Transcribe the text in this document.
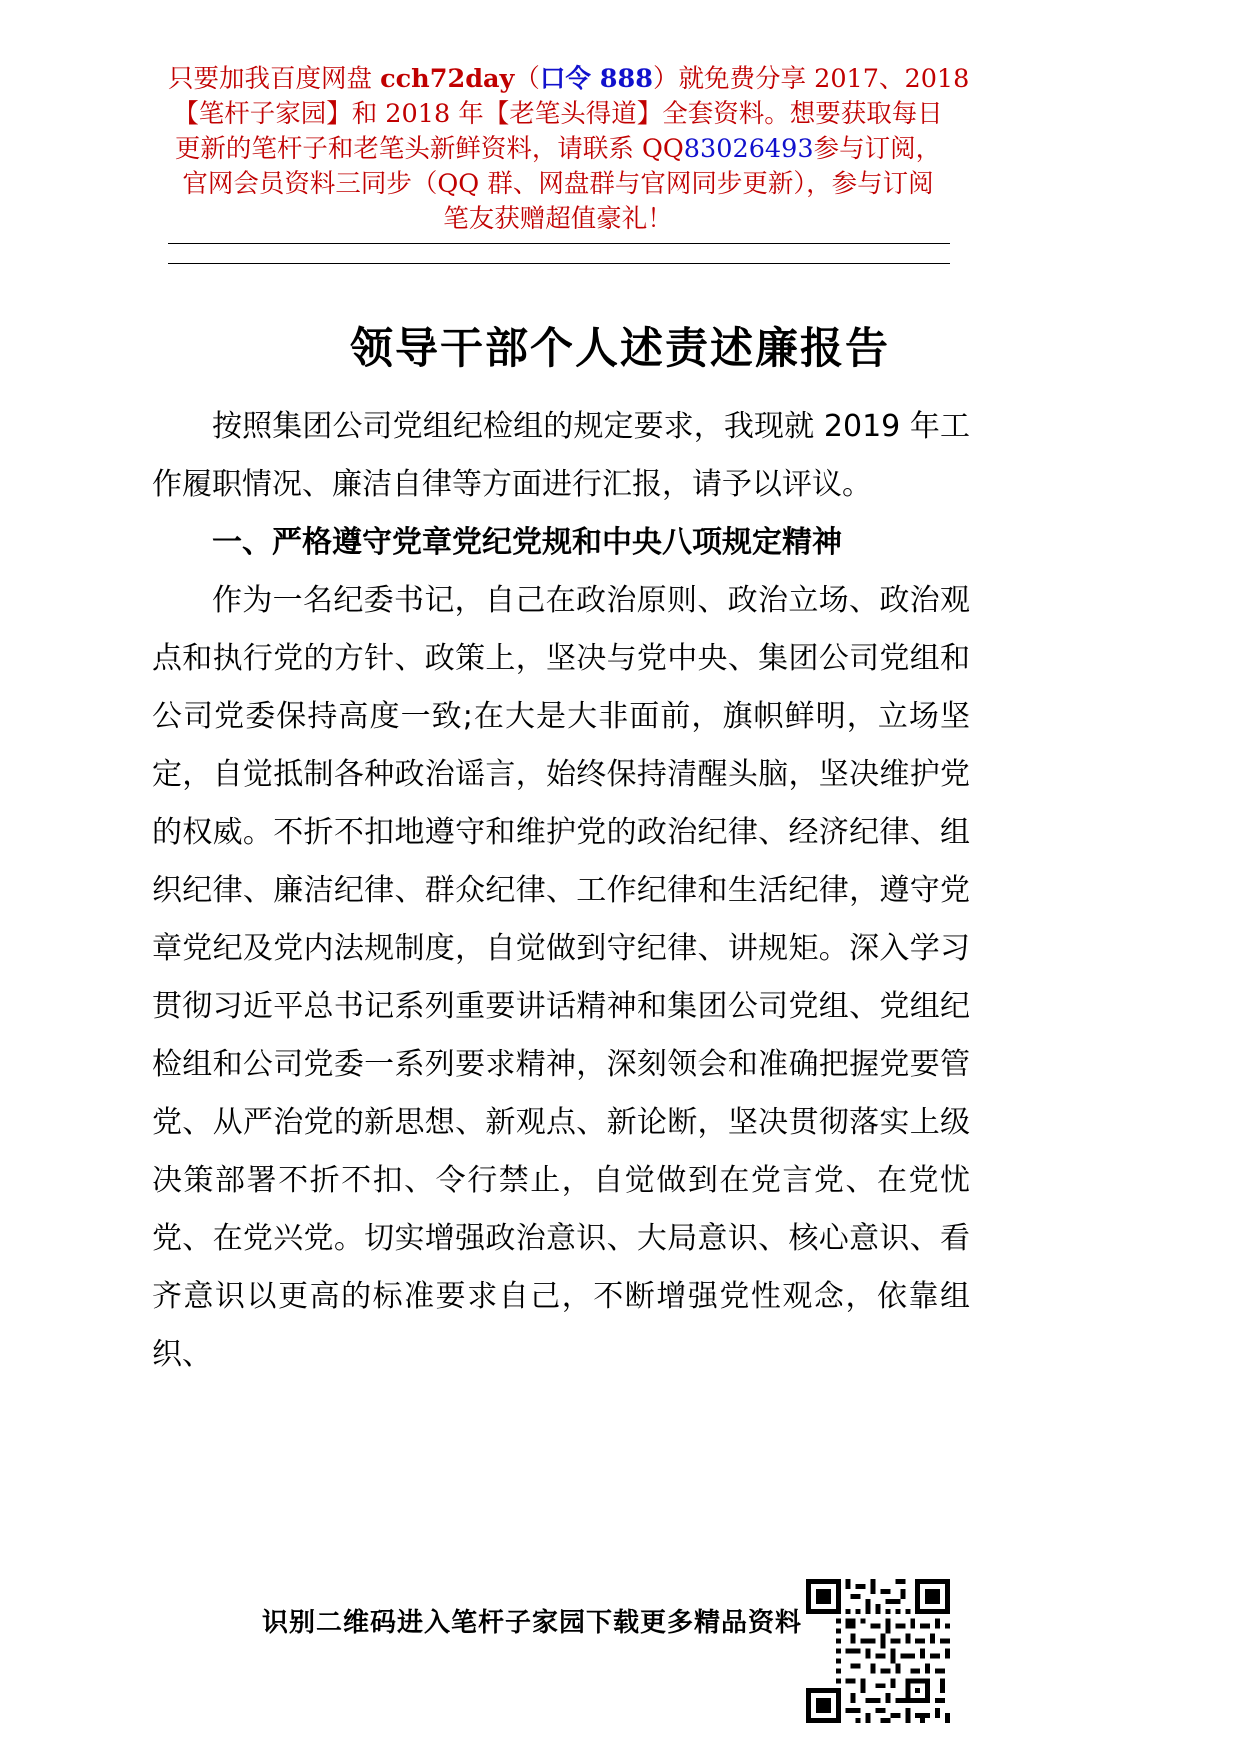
只要加我百度网盘 cch72day（口令 888）就免费分享 2017、2018
【笔杆子家园】和 2018 年【老笔头得道】全套资料。想要获取每日
更新的笔杆子和老笔头新鲜资料，请联系 QQ83026493参与订阅，
官网会员资料三同步（QQ 群、网盘群与官网同步更新），参与订阅
笔友获赠超值豪礼！
领导干部个人述责述廉报告

按照集团公司党组纪检组的规定要求，我现就 2019 年工作履职情况、廉洁自律等方面进行汇报，请予以评议。

一、严格遵守党章党纪党规和中央八项规定精神

作为一名纪委书记，自己在政治原则、政治立场、政治观点和执行党的方针、政策上，坚决与党中央、集团公司党组和公司党委保持高度一致;在大是大非面前，旗帜鲜明，立场坚定，自觉抵制各种政治谣言，始终保持清醒头脑，坚决维护党的权威。不折不扣地遵守和维护党的政治纪律、经济纪律、组织纪律、廉洁纪律、群众纪律、工作纪律和生活纪律，遵守党章党纪及党内法规制度，自觉做到守纪律、讲规矩。深入学习贯彻习近平总书记系列重要讲话精神和集团公司党组、党组纪检组和公司党委一系列要求精神，深刻领会和准确把握党要管党、从严治党的新思想、新观点、新论断，坚决贯彻落实上级决策部署不折不扣、令行禁止，自觉做到在党言党、在党忧党、在党兴党。切实增强政治意识、大局意识、核心意识、看齐意识以更高的标准要求自己，不断增强党性观念，依靠组织、

识别二维码进入笔杆子家园下载更多精品资料
